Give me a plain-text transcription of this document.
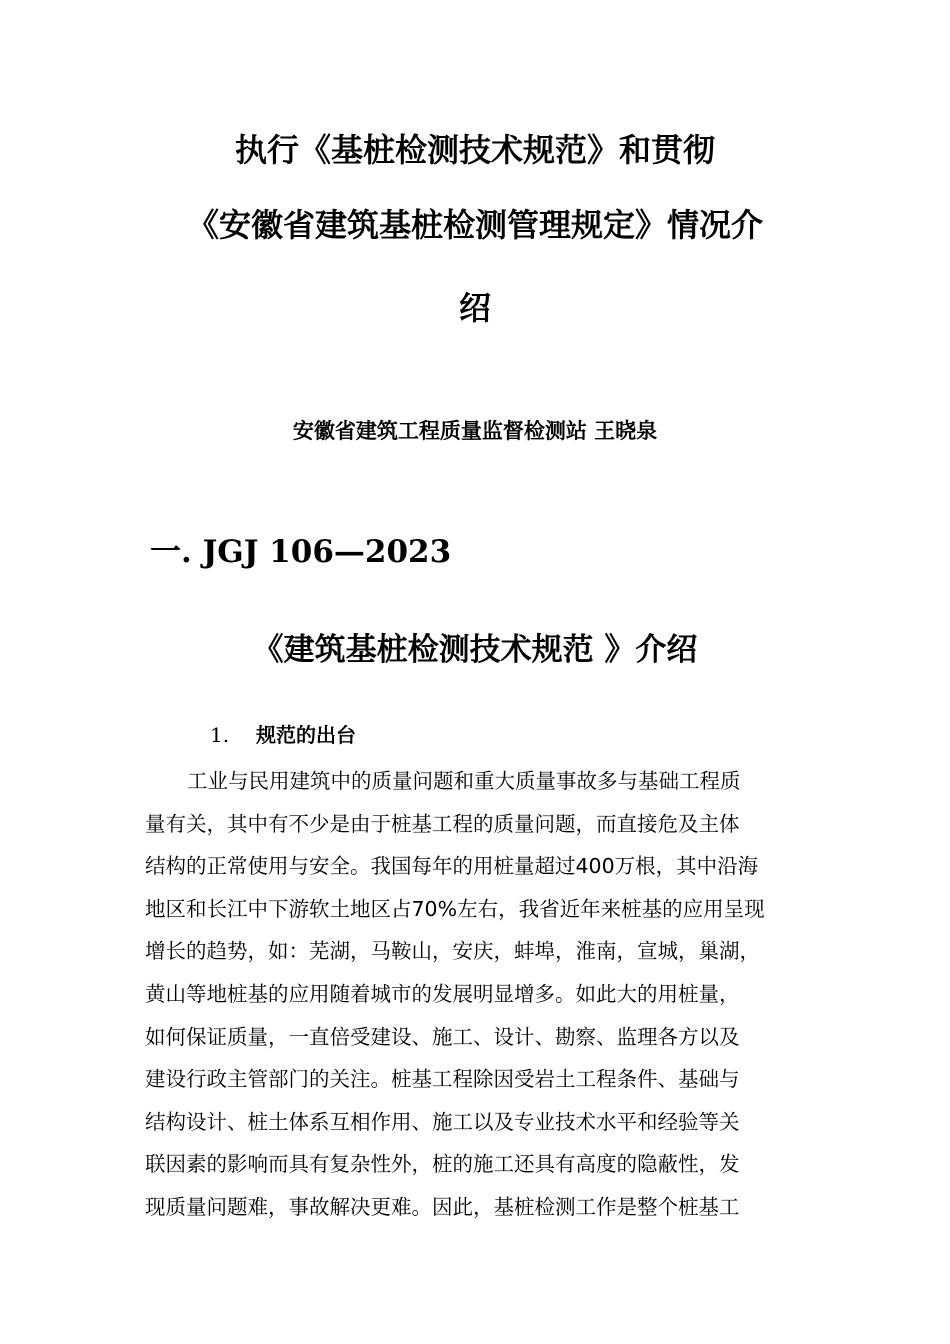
执行《基桩检测技术规范》和贯彻
《安徽省建筑基桩检测管理规定》情况介
绍
安徽省建筑工程质量监督检测站 王晓泉
一. JGJ 106—2023
《建筑基桩检测技术规范 》介绍
1. 规范的出台
工业与民用建筑中的质量问题和重大质量事故多与基础工程质
量有关，其中有不少是由于桩基工程的质量问题，而直接危及主体
结构的正常使用与安全。我国每年的用桩量超过400万根，其中沿海
地区和长江中下游软土地区占70%左右，我省近年来桩基的应用呈现
增长的趋势，如：芜湖，马鞍山，安庆，蚌埠，淮南，宣城，巢湖，
黄山等地桩基的应用随着城市的发展明显增多。如此大的用桩量，
如何保证质量，一直倍受建设、施工、设计、勘察、监理各方以及
建设行政主管部门的关注。桩基工程除因受岩土工程条件、基础与
结构设计、桩土体系互相作用、施工以及专业技术水平和经验等关
联因素的影响而具有复杂性外，桩的施工还具有高度的隐蔽性，发
现质量问题难，事故解决更难。因此，基桩检测工作是整个桩基工
